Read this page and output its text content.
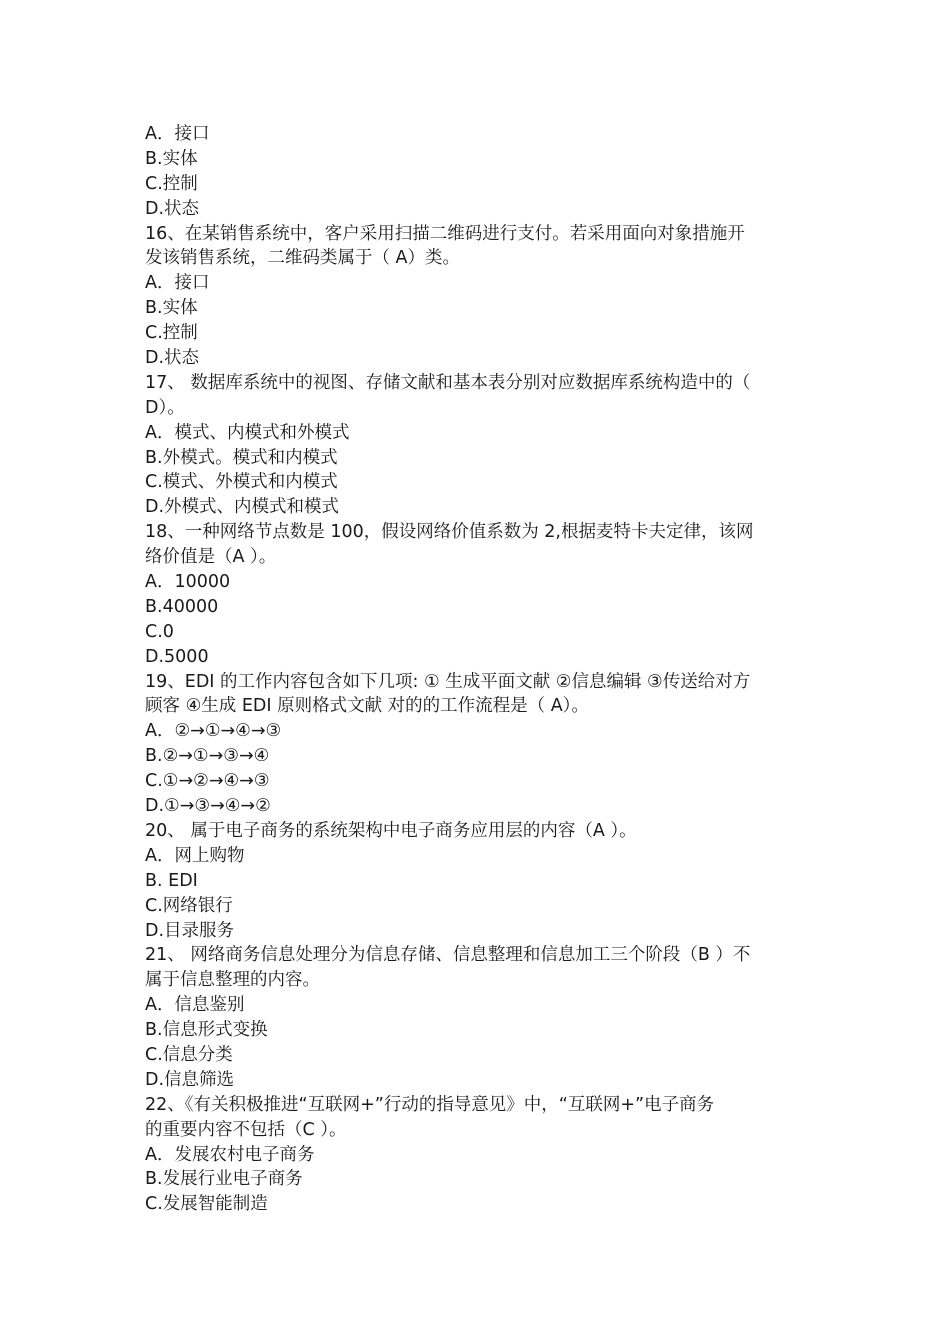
A．接口
B.实体
C.控制
D.状态
16、在某销售系统中，客户采用扫描二维码进行支付。若采用面向对象措施开
发该销售系统，二维码类属于（ A）类。
A．接口
B.实体
C.控制
D.状态
17、 数据库系统中的视图、存储文献和基本表分别对应数据库系统构造中的（
D）。
A．模式、内模式和外模式
B.外模式。模式和内模式
C.模式、外模式和内模式
D.外模式、内模式和模式
18、一种网络节点数是 100，假设网络价值系数为 2,根据麦特卡夫定律，该网
络价值是（A ）。
A．10000
B.40000
C.0
D.5000
19、EDI 的工作内容包含如下几项: ① 生成平面文献 ②信息编辑 ③传送给对方
顾客 ④生成 EDI 原则格式文献 对的的工作流程是（ A）。
A．②→①→④→③
B.②→①→③→④
C.①→②→④→③
D.①→③→④→②
20、 属于电子商务的系统架构中电子商务应用层的内容（A ）。
A．网上购物
B. EDI
C.网络银行
D.目录服务
21、 网络商务信息处理分为信息存储、信息整理和信息加工三个阶段（B ）不
属于信息整理的内容。
A．信息鉴别
B.信息形式变换
C.信息分类
D.信息筛选
22、《有关积极推进“互联网+”行动的指导意见》中，“互联网+”电子商务
的重要内容不包括（C ）。
A．发展农村电子商务
B.发展行业电子商务
C.发展智能制造
